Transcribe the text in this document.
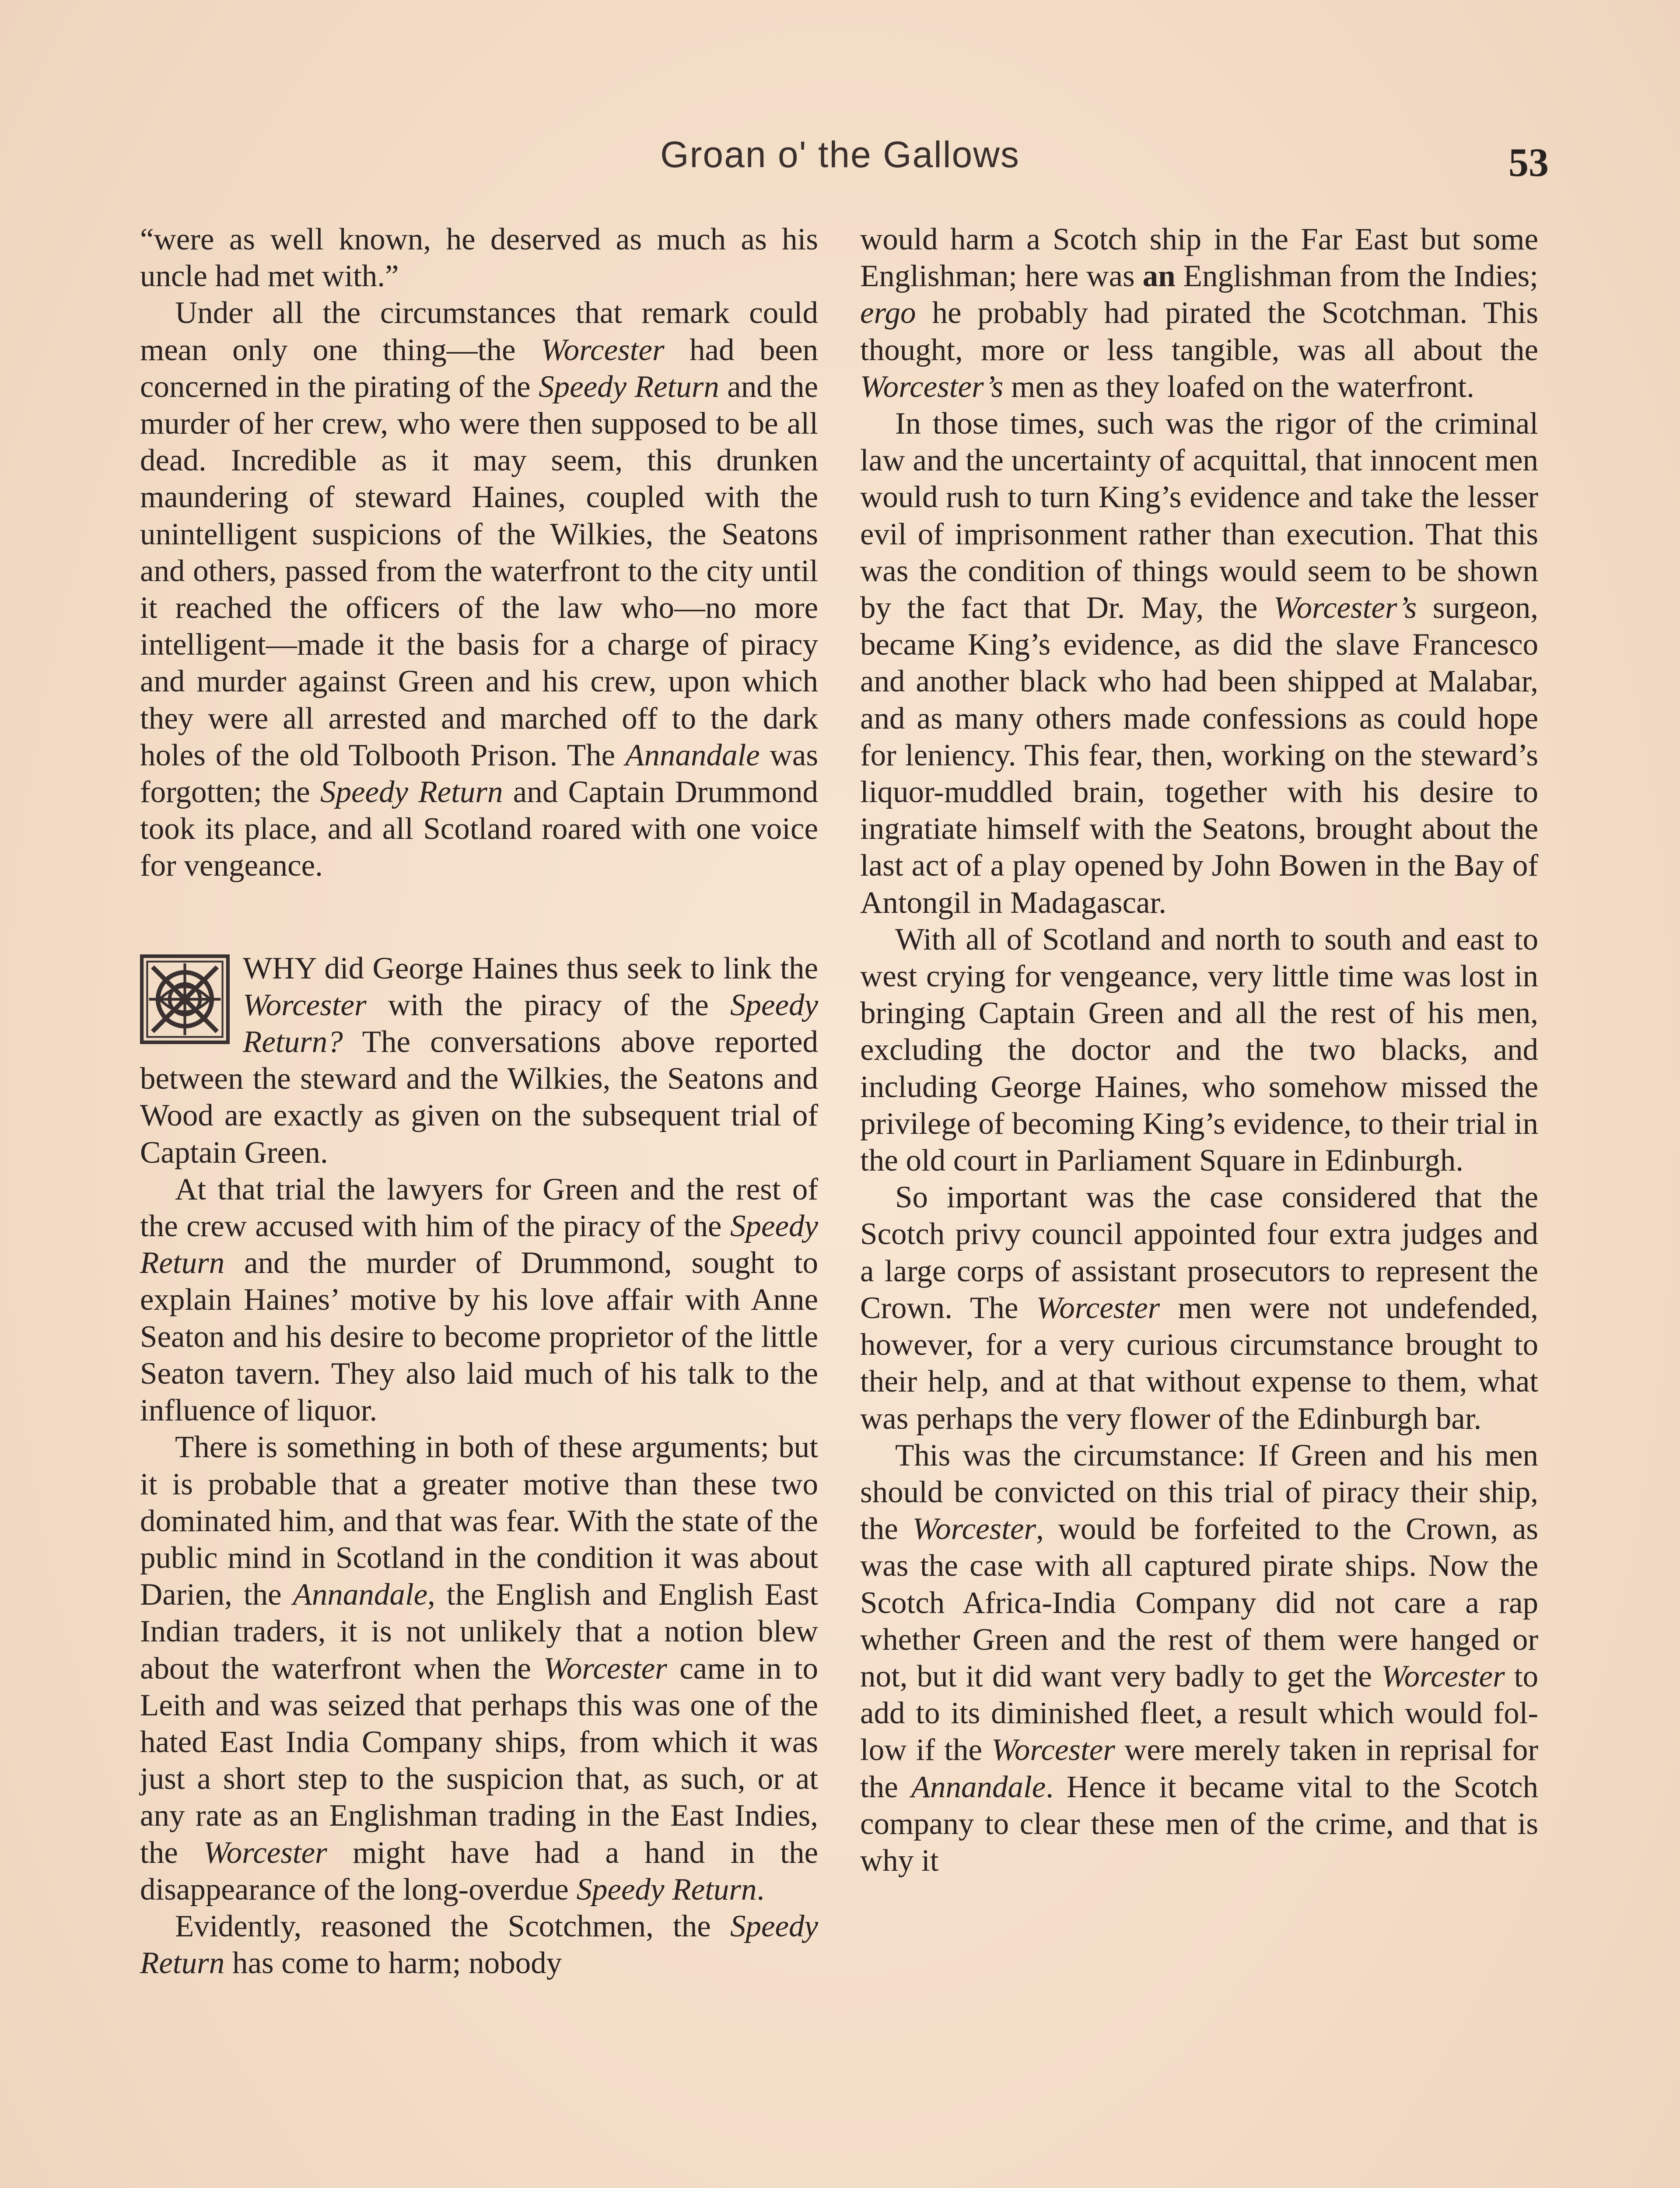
Groan o' the Gallows	53

“were as well known, he deserved as much as his uncle had met with.”

Under all the circumstances that remark could mean only one thing—the Worcester had been concerned in the pirating of the Speedy Return and the murder of her crew, who were then supposed to be all dead. Incredible as it may seem, this drunken maundering of steward Haines, coupled with the unintelligent suspicions of the Wilkies, the Seatons and others, passed from the waterfront to the city until it reached the officers of the law who—no more intelligent—made it the basis for a charge of piracy and murder against Green and his crew, upon which they were all arrested and marched off to the dark holes of the old Tolbooth Prison. The Annandale was forgotten; the Speedy Return and Captain Drummond took its place, and all Scotland roared with one voice for vengeance.

WHY did George Haines thus seek to link the Worcester with the piracy of the Speedy Return? The conversations above reported between the steward and the Wilkies, the Seatons and Wood are exactly as given on the subsequent trial of Captain Green.

At that trial the lawyers for Green and the rest of the crew accused with him of the piracy of the Speedy Return and the murder of Drummond, sought to explain Haines’ motive by his love affair with Anne Seaton and his desire to become proprietor of the little Seaton tavern. They also laid much of his talk to the influence of liquor.

There is something in both of these arguments; but it is probable that a greater motive than these two dominated him, and that was fear. With the state of the public mind in Scotland in the condition it was about Darien, the Annandale, the English and English East Indian traders, it is not unlikely that a notion blew about the waterfront when the Worcester came in to Leith and was seized that perhaps this was one of the hated East India Company ships, from which it was just a short step to the suspicion that, as such, or at any rate as an Englishman trading in the East Indies, the Worcester might have had a hand in the disappearance of the long-overdue Speedy Return.

Evidently, reasoned the Scotchmen, the Speedy Return has come to harm; nobody

would harm a Scotch ship in the Far East but some Englishman; here was an Englishman from the Indies; ergo he probably had pirated the Scotchman. This thought, more or less tangible, was all about the Worcester’s men as they loafed on the waterfront.

In those times, such was the rigor of the criminal law and the uncertainty of acquittal, that innocent men would rush to turn King’s evidence and take the lesser evil of imprisonment rather than execution. That this was the condition of things would seem to be shown by the fact that Dr. May, the Worcester’s surgeon, became King’s evidence, as did the slave Francesco and another black who had been shipped at Malabar, and as many others made confessions as could hope for leniency. This fear, then, working on the steward’s liquor-muddled brain, together with his desire to ingratiate himself with the Seatons, brought about the last act of a play opened by John Bowen in the Bay of Antongil in Madagascar.

With all of Scotland and north to south and east to west crying for vengeance, very little time was lost in bringing Captain Green and all the rest of his men, excluding the doctor and the two blacks, and including George Haines, who somehow missed the privilege of becoming King’s evidence, to their trial in the old court in Parliament Square in Edinburgh.

So important was the case considered that the Scotch privy council appointed four extra judges and a large corps of assistant prosecutors to represent the Crown. The Worcester men were not undefended, however, for a very curious circumstance brought to their help, and at that without expense to them, what was perhaps the very flower of the Edinburgh bar.

This was the circumstance: If Green and his men should be convicted on this trial of piracy their ship, the Worcester, would be forfeited to the Crown, as was the case with all captured pirate ships. Now the Scotch Africa-India Company did not care a rap whether Green and the rest of them were hanged or not, but it did want very badly to get the Worcester to add to its diminished fleet, a result which would follow if the Worcester were merely taken in reprisal for the Annandale. Hence it became vital to the Scotch company to clear these men of the crime, and that is why it
